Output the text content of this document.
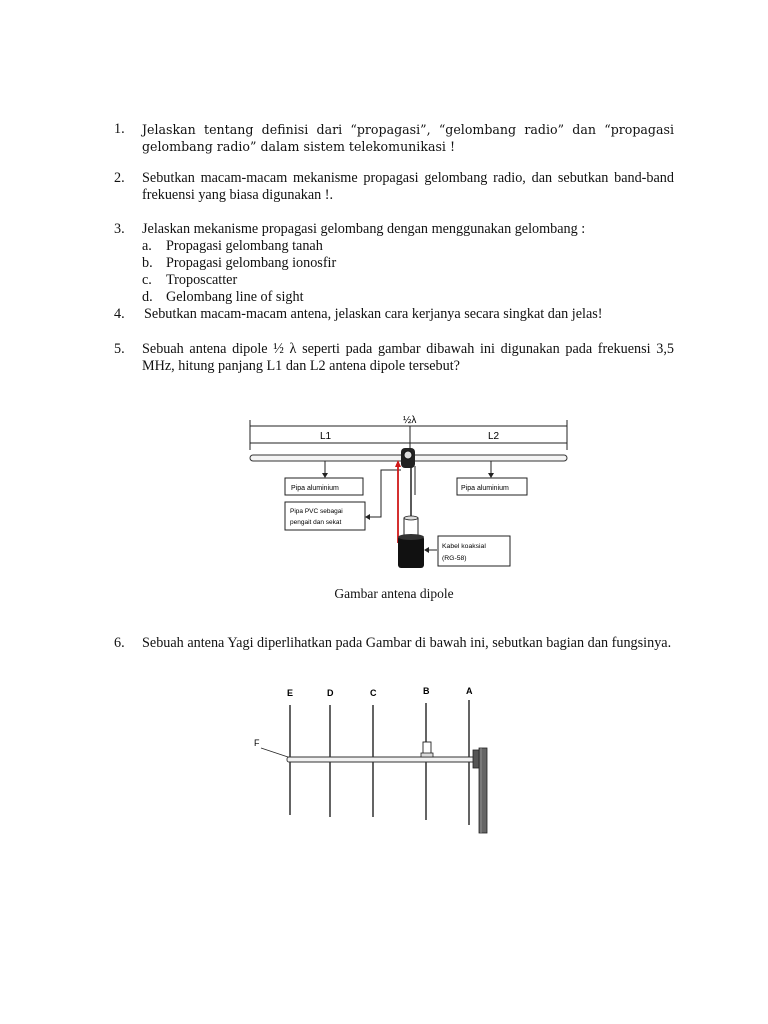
1. Jelaskan tentang definisi dari “propagasi”, “gelombang radio” dan “propagasi gelombang radio” dalam sistem telekomunikasi !
2. Sebutkan macam-macam mekanisme propagasi gelombang radio, dan sebutkan band-band frekuensi yang biasa digunakan !.
3. Jelaskan mekanisme propagasi gelombang dengan menggunakan gelombang :
a. Propagasi gelombang tanah
b. Propagasi gelombang ionosfir
c. Troposcatter
d. Gelombang line of sight
4. Sebutkan macam-macam antena, jelaskan cara kerjanya secara singkat dan jelas!
5. Sebuah antena dipole ½ λ seperti pada gambar dibawah ini digunakan pada frekuensi 3,5 MHz, hitung panjang L1 dan L2 antena dipole tersebut?
½λ
L1	L2
Pipa aluminium	Pipa aluminium
Pipa PVC sebagai
pengait dan sekat
Kabel koaksial
(RG-58)
Gambar antena dipole
6. Sebuah antena Yagi diperlihatkan pada Gambar di bawah ini, sebutkan bagian dan fungsinya.
E	D	C	B	A
F
